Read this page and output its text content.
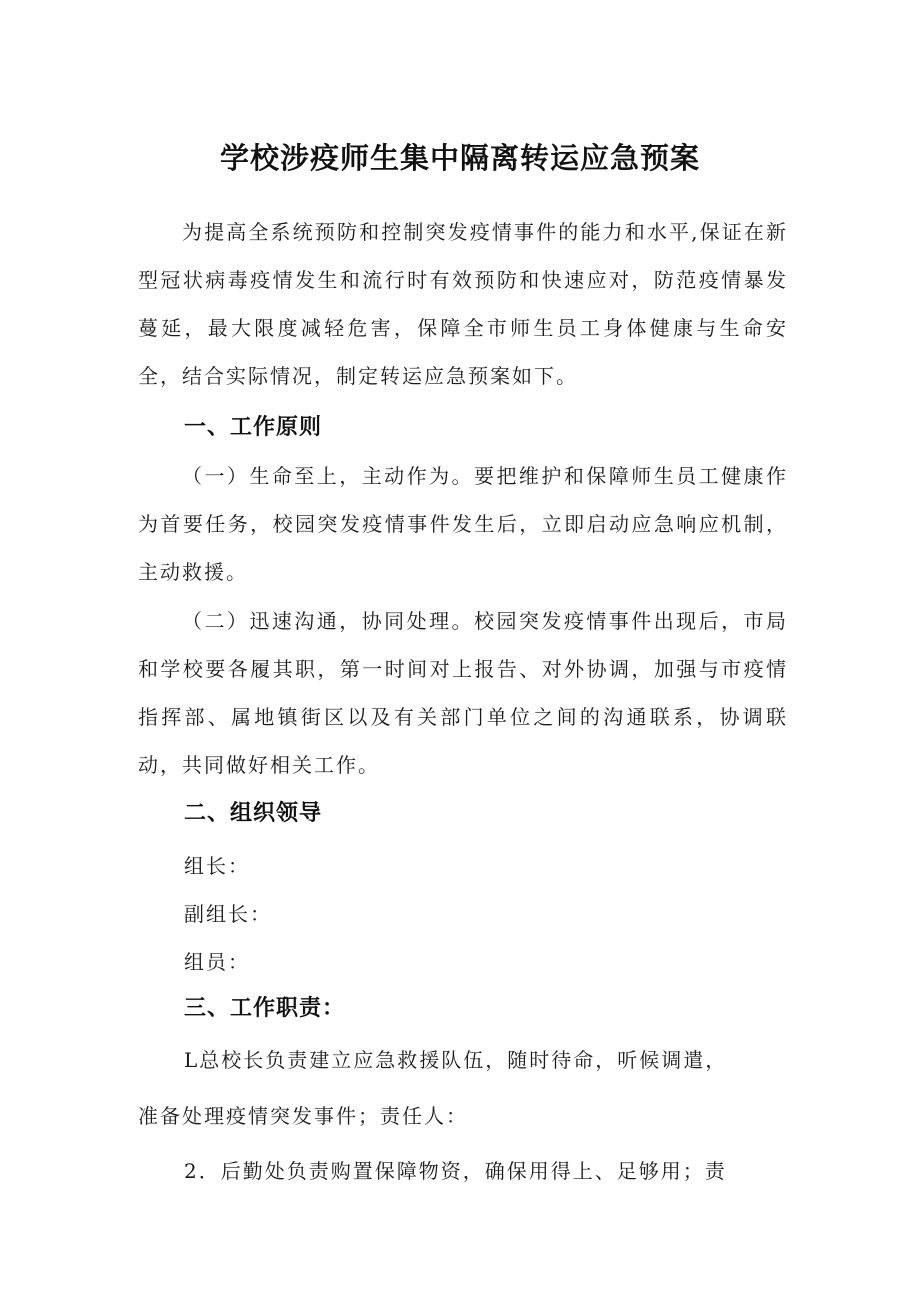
学校涉疫师生集中隔离转运应急预案

为提高全系统预防和控制突发疫情事件的能力和水平,保证在新型冠状病毒疫情发生和流行时有效预防和快速应对，防范疫情暴发蔓延，最大限度减轻危害，保障全市师生员工身体健康与生命安全，结合实际情况，制定转运应急预案如下。

一、工作原则

（一）生命至上，主动作为。要把维护和保障师生员工健康作为首要任务，校园突发疫情事件发生后，立即启动应急响应机制，主动救援。

（二）迅速沟通，协同处理。校园突发疫情事件出现后，市局和学校要各履其职，第一时间对上报告、对外协调，加强与市疫情指挥部、属地镇街区以及有关部门单位之间的沟通联系，协调联动，共同做好相关工作。

二、组织领导
组长：
副组长：
组员：
三、工作职责：
L总校长负责建立应急救援队伍，随时待命，听候调遣，
准备处理疫情突发事件；责任人：
2．后勤处负责购置保障物资，确保用得上、足够用；责
